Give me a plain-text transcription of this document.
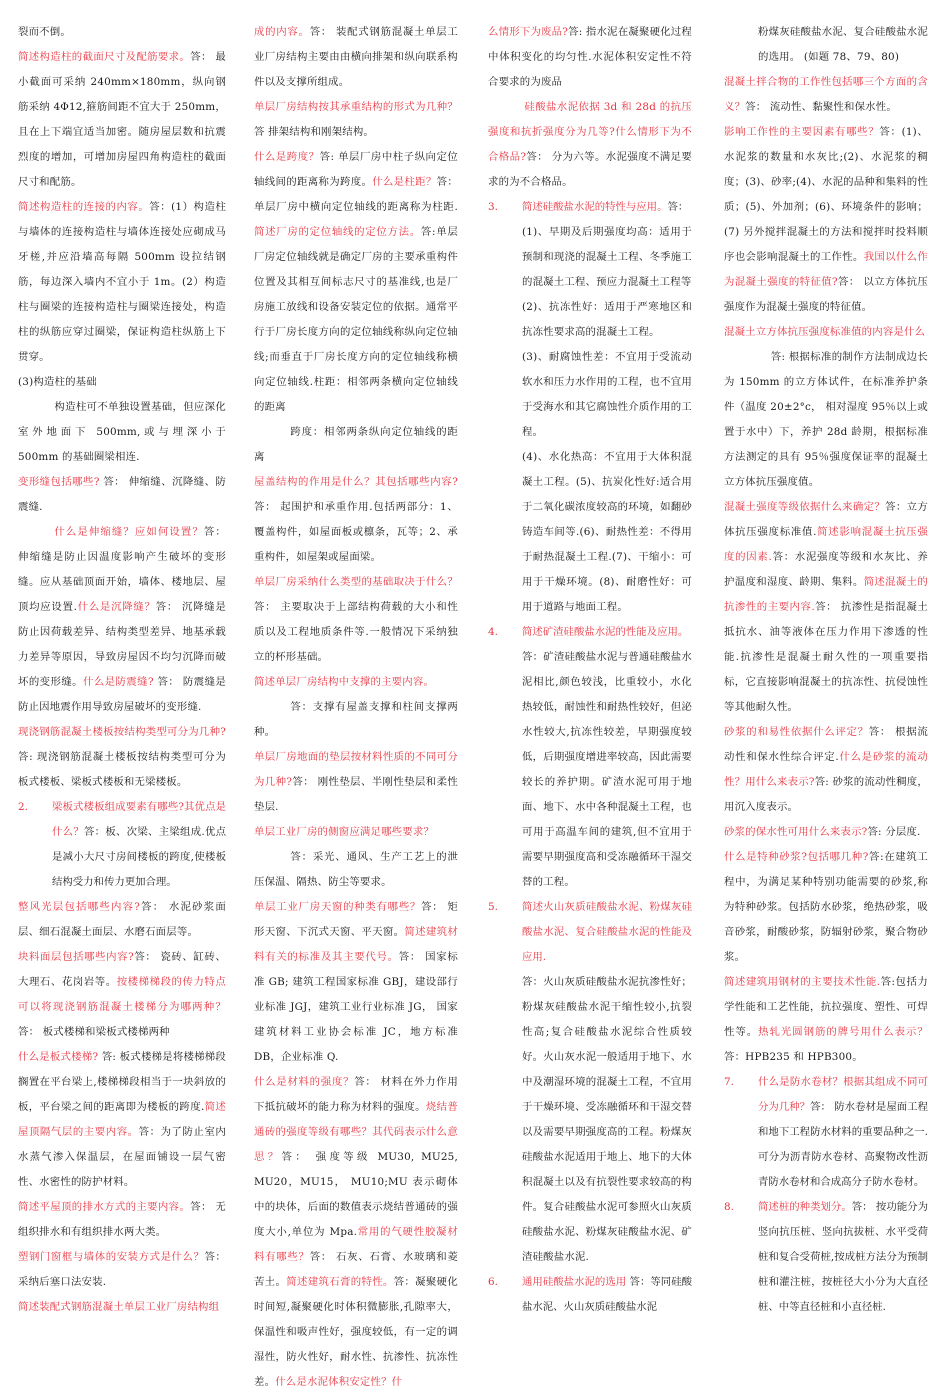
裂而不倒。

简述构造柱的截面尺寸及配筋要求。答： 最小截面可采纳 240mm×180mm，纵向钢筋采纳 4Φ12,箍筋间距不宜大于 250mm，且在上下端宜适当加密。随房屋层数和抗震烈度的增加，可增加房屋四角构造柱的截面尺寸和配筋。

简述构造柱的连接的内容。答：(1）构造柱与墙体的连接构造柱与墙体连接处应砌成马牙槎,并应沿墙高每隔 500mm 设拉结钢筋，每边深入墙内不宜小于 1m。(2）构造柱与圈梁的连接构造柱与圈梁连接处，构造柱的纵筋应穿过圈梁，保证构造柱纵筋上下贯穿。

(3)构造柱的基础

构造柱可不单独设置基础，但应深化室外地面下 500mm,或与埋深小于 500mm 的基础圈梁相连.

变形缝包括哪些? 答： 伸缩缝、沉降缝、防震缝.

什么是伸缩缝？应如何设置？答： 伸缩缝是防止因温度影响产生破坏的变形缝。应从基础顶面开始，墙体、楼地层、屋顶均应设置.什么是沉降缝？答： 沉降缝是防止因荷载差异、结构类型差异、地基承载力差异等原因，导致房屋因不均匀沉降而破坏的变形缝。什么是防震缝? 答： 防震缝是防止因地震作用导致房屋破坏的变形缝.

现浇钢筋混凝土楼板按结构类型可分为几种?答: 现浇钢筋混凝土楼板按结构类型可分为板式楼板、梁板式楼板和无梁楼板。

2.	梁板式楼板组成要素有哪些?其优点是什么？答：板、次梁、主梁组成.优点是减小大尺寸房间楼板的跨度,使楼板结构受力和传力更加合理。

整风光层包括哪些内容?答： 水泥砂浆面层、细石混凝土面层、水磨石面层等。

块料面层包括哪些内容?答： 瓷砖、缸砖、大理石、花岗岩等。按楼梯梯段的传力特点可以将现浇钢筋混凝土楼梯分为哪两种？答： 板式楼梯和梁板式楼梯两种

什么是板式楼梯? 答: 板式楼梯是将楼梯梯段搁置在平台梁上,楼梯梯段相当于一块斜放的板，平台梁之间的距离即为楼板的跨度.简述屋顶隔气层的主要内容。答：为了防止室内水蒸气渗入保温层，在屋面铺设一层气密性、水密性的防护材料。

简述平屋顶的排水方式的主要内容。答： 无组织排水和有组织排水两大类。

塑钢门窗框与墙体的安装方式是什么？答：采纳后塞口法安装.

简述装配式钢筋混凝土单层工业厂房结构组

成的内容。答： 装配式钢筋混凝土单层工业厂房结构主要由由横向排架和纵向联系构件以及支撑所组成。

单层厂房结构按其承重结构的形式为几种？答 排架结构和刚架结构。

什么是跨度？答: 单层厂房中柱子纵向定位轴线间的距离称为跨度。什么是柱距？答： 单层厂房中横向定位轴线的距离称为柱距.简述厂房的定位轴线的定位方法。答:单层厂房定位轴线就是确定厂房的主要承重构件位置及其相互间标志尺寸的基准线,也是厂房施工放线和设备安装定位的依据。通常平行于厂房长度方向的定位轴线称纵向定位轴线;而垂直于厂房长度方向的定位轴线称横向定位轴线.柱距：相邻两条横向定位轴线的距离

跨度：相邻两条纵向定位轴线的距离

屋盖结构的作用是什么？其包括哪些内容?答： 起围护和承重作用.包括两部分：1、 覆盖构件，如屋面板或檩条，瓦等；2、承重构件，如屋架或屋面梁。

单层厂房采纳什么类型的基础取决于什么？答： 主要取决于上部结构荷载的大小和性质以及工程地质条件等.一般情况下采纳独立的杯形基础。

简述单层厂房结构中支撑的主要内容。

答：支撑有屋盖支撑和柱间支撑两种。

单层厂房地面的垫层按材料性质的不同可分为几种?答： 刚性垫层、半刚性垫层和柔性垫层.

单层工业厂房的侧窗应满足哪些要求？

答：采光、通风、生产工艺上的泄压保温、隔热、防尘等要求。

单层工业厂房天窗的种类有哪些？答： 矩形天窗、下沉式天窗、平天窗。简述建筑材料有关的标准及其主要代号。答： 国家标准 GB; 建筑工程国家标准 GBJ，建设部行业标准 JGJ，建筑工业行业标准 JG， 国家建筑材料工业协会标准 JC，地方标准 DB，企业标准 Q.

什么是材料的强度？答： 材料在外力作用下抵抗破坏的能力称为材料的强度。烧结普通砖的强度等级有哪些？其代码表示什么意思？答： 强度等级 MU30, MU25, MU20，MU15， MU10;MU 表示砌体中的块体，后面的数值表示烧结普通砖的强度大小,单位为 Mpa.常用的气硬性胶凝材料有哪些？答： 石灰、石膏、水玻璃和菱苦土。简述建筑石膏的特性。答：凝聚硬化时间短,凝聚硬化时体积微膨胀,孔隙率大，保温性和吸声性好，强度较低，有一定的调湿性，防火性好，耐水性、抗渗性、抗冻性差。什么是水泥体积安定性？什

么情形下为废品?答: 指水泥在凝聚硬化过程中体积变化的均匀性.水泥体积安定性不符合要求的为废品

硅酸盐水泥依据 3d 和 28d 的抗压强度和抗折强度分为几等?什么情形下为不合格品?答： 分为六等。水泥强度不满足要求的为不合格品。

3.	简述硅酸盐水泥的特性与应用。答：

(1)、早期及后期强度均高：适用于预制和现浇的混凝土工程、冬季施工的混凝土工程、预应力混凝土工程等

(2)、抗冻性好：适用于严寒地区和抗冻性要求高的混凝土工程。

(3)、耐腐蚀性差：不宜用于受流动软水和压力水作用的工程，也不宜用于受海水和其它腐蚀性介质作用的工程。

(4)、水化热高：不宜用于大体积混凝土工程。(5)、抗炭化性好:适合用于二氧化碳浓度较高的环境，如翻砂铸造车间等.(6)、耐热性差：不得用于耐热混凝土工程.(7)、干缩小：可用于干燥环境。(8)、耐磨性好：可用于道路与地面工程。

4.	简述矿渣硅酸盐水泥的性能及应用。

答：矿渣硅酸盐水泥与普通硅酸盐水泥相比,颜色较浅，比重较小，水化热较低，耐蚀性和耐热性较好，但泌水性较大,抗冻性较差，早期强度较低，后期强度增进率较高，因此需要较长的养护期。矿渣水泥可用于地面、地下、水中各种混凝土工程，也可用于高温车间的建筑,但不宜用于需要早期强度高和受冻融循环干湿交替的工程。

5.	简述火山灰质硅酸盐水泥、粉煤灰硅酸盐水泥、复合硅酸盐水泥的性能及应用.

答：火山灰质硅酸盐水泥抗渗性好；粉煤灰硅酸盐水泥干缩性较小,抗裂性高;复合硅酸盐水泥综合性质较好。火山灰水泥一般适用于地下、水中及潮湿环境的混凝土工程，不宜用于干燥环境、受冻融循环和干湿交替以及需要早期强度高的工程。粉煤灰硅酸盐水泥适用于地上、地下的大体积混凝土以及有抗裂性要求较高的构件。复合硅酸盐水泥可参照火山灰质硅酸盐水泥、粉煤灰硅酸盐水泥、矿渣硅酸盐水泥.

6.	通用硅酸盐水泥的选用 答：等同硅酸盐水泥、火山灰质硅酸盐水泥

粉煤灰硅酸盐水泥、复合硅酸盐水泥的选用。 (如题 78、79、80)

混凝土拌合物的工作性包括哪三个方面的含义？答： 流动性、黏聚性和保水性。

影响工作性的主要因素有哪些？答：(1)、水泥浆的数量和水灰比;(2)、水泥浆的稠度；(3)、砂率;(4)、水泥的品种和集料的性质；(5)、外加剂；(6)、环境条件的影响；(7) 另外搅拌混凝土的方法和搅拌时投料顺序也会影响混凝土的工作性。我国以什么作为混凝土强度的特征值?答： 以立方体抗压强度作为混凝土强度的特征值。

混凝土立方体抗压强度标准值的内容是什么

答: 根据标准的制作方法制成边长为 150mm 的立方体试件，在标准养护条件（温度 20±2°c， 相对湿度 95％以上或置于水中）下，养护 28d 龄期，根据标准方法测定的具有 95％强度保证率的混凝土立方体抗压强度值。

混凝土强度等级依据什么来确定？答：立方体抗压强度标准值.简述影响混凝土抗压强度的因素.答：水泥强度等级和水灰比、养护温度和湿度、龄期、集料。简述混凝土的抗渗性的主要内容.答： 抗渗性是指混凝土抵抗水、油等液体在压力作用下渗透的性能.抗渗性是混凝土耐久性的一项重要指标，它直接影响混凝土的抗冻性、抗侵蚀性等其他耐久性。

砂浆的和易性依据什么评定？答： 根据流动性和保水性综合评定.什么是砂浆的流动性？用什么来表示?答: 砂浆的流动性稠度，用沉入度表示。

砂浆的保水性可用什么来表示?答: 分层度.

什么是特种砂浆?包括哪几种?答:在建筑工程中，为满足某种特别功能需要的砂浆,称为特种砂浆。包括防水砂浆，绝热砂浆，吸音砂浆，耐酸砂浆，防辐射砂浆，聚合物砂浆。

简述建筑用钢材的主要技术性能.答:包括力学性能和工艺性能，抗拉强度、塑性、可焊性等。热轧光圆钢筋的牌号用什么表示？答：HPB235 和 HPB300。

7.	什么是防水卷材？根据其组成不同可分为几种？答： 防水卷材是屋面工程和地下工程防水材料的重要品种之一.可分为沥青防水卷材、高聚物改性沥青防水卷材和合成高分子防水卷材。
8.	简述桩的种类划分。答： 按功能分为竖向抗压桩、竖向抗拔桩、水平受荷桩和复合受荷桩,按成桩方法分为预制桩和灌注桩，按桩径大小分为大直径桩、中等直径桩和小直径桩.
